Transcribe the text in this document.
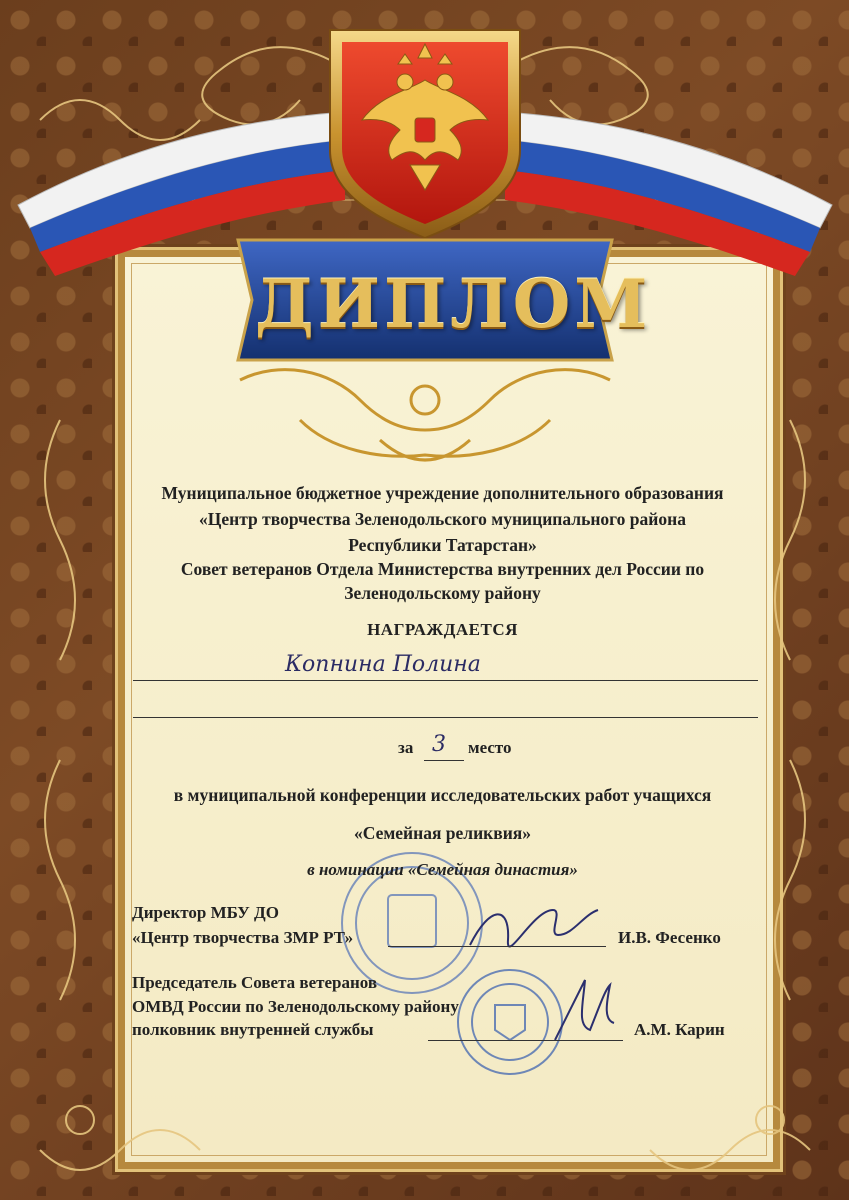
ДИПЛОМ
Муниципальное бюджетное учреждение дополнительного образования
«Центр творчества Зеленодольского муниципального района
Республики Татарстан»
Совет ветеранов Отдела Министерства внутренних дел России по
Зеленодольскому району
НАГРАЖДАЕТСЯ
Копнина Полина
за 3 место
в муниципальной конференции исследовательских работ учащихся
«Семейная реликвия»
в номинации «Семейная династия»
Директор МБУ ДО
«Центр творчества ЗМР РТ»	И.В. Фесенко
Председатель Совета ветеранов
ОМВД России по Зеленодольскому району
полковник внутренней службы	А.М. Карин
